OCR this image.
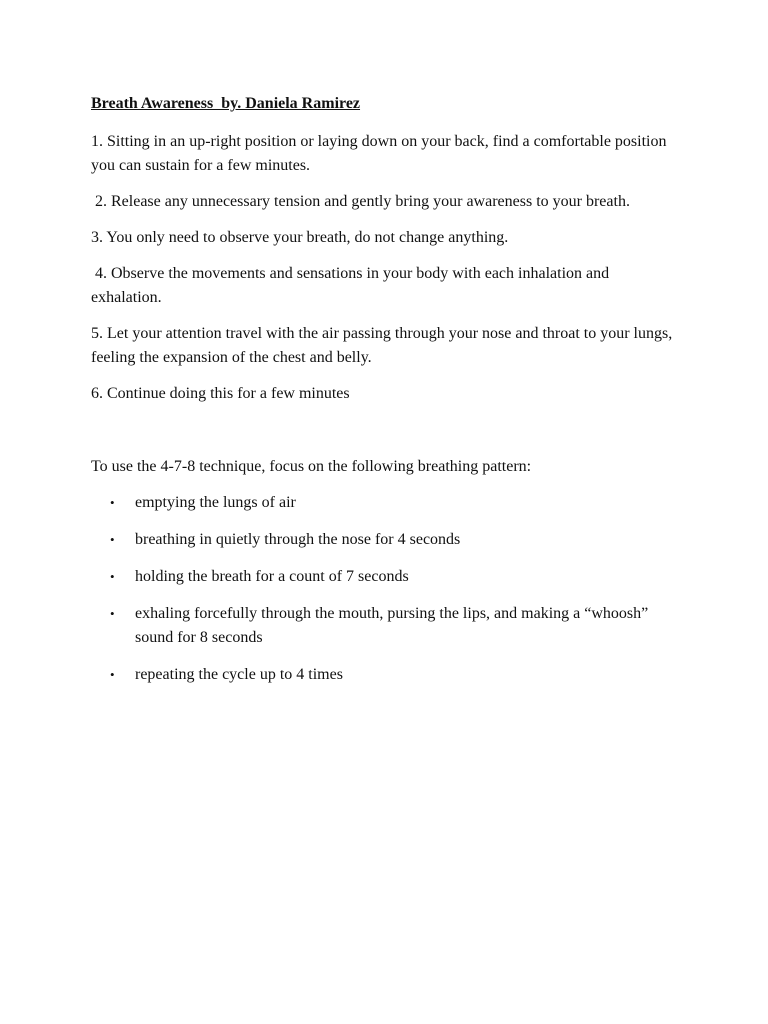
Breath Awareness  by. Daniela Ramirez

1. Sitting in an up-right position or laying down on your back, find a comfortable position you can sustain for a few minutes.

2. Release any unnecessary tension and gently bring your awareness to your breath.

3. You only need to observe your breath, do not change anything.

4. Observe the movements and sensations in your body with each inhalation and exhalation.

5. Let your attention travel with the air passing through your nose and throat to your lungs, feeling the expansion of the chest and belly.

6. Continue doing this for a few minutes

To use the 4-7-8 technique, focus on the following breathing pattern:

• emptying the lungs of air
• breathing in quietly through the nose for 4 seconds
• holding the breath for a count of 7 seconds
• exhaling forcefully through the mouth, pursing the lips, and making a “whoosh” sound for 8 seconds
• repeating the cycle up to 4 times
